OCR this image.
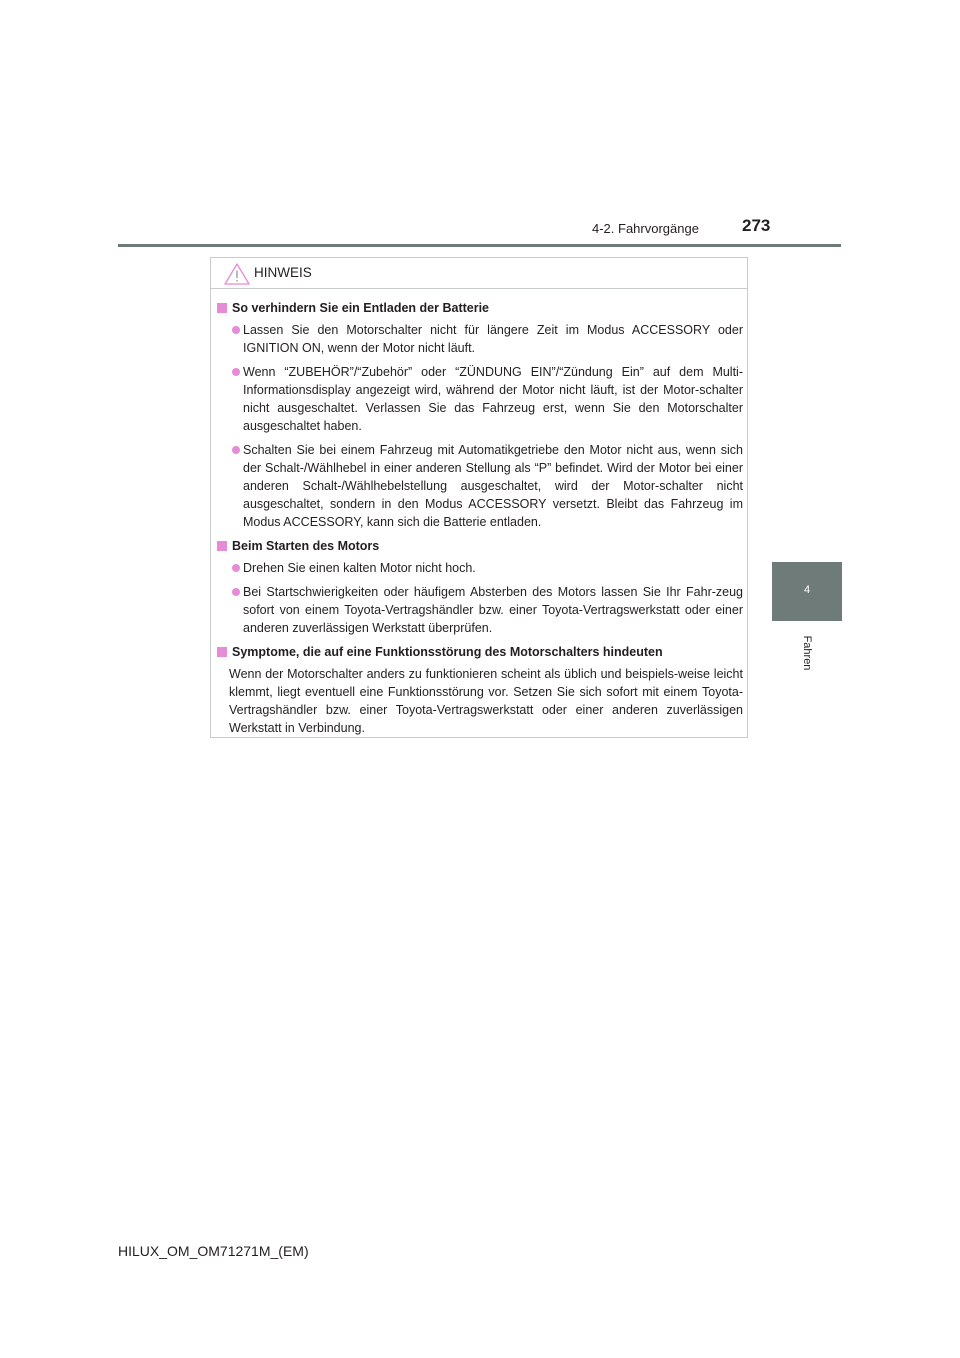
4-2. Fahrvorgänge	273
4
Fahren
HINWEIS
So verhindern Sie ein Entladen der Batterie
Lassen Sie den Motorschalter nicht für längere Zeit im Modus ACCESSORY oder IGNITION ON, wenn der Motor nicht läuft.
Wenn “ZUBEHÖR”/“Zubehör” oder “ZÜNDUNG EIN”/“Zündung Ein” auf dem Multi-Informationsdisplay angezeigt wird, während der Motor nicht läuft, ist der Motor-schalter nicht ausgeschaltet. Verlassen Sie das Fahrzeug erst, wenn Sie den Motorschalter ausgeschaltet haben.
Schalten Sie bei einem Fahrzeug mit Automatikgetriebe den Motor nicht aus, wenn sich der Schalt-/Wählhebel in einer anderen Stellung als “P” befindet. Wird der Motor bei einer anderen Schalt-/Wählhebelstellung ausgeschaltet, wird der Motor-schalter nicht ausgeschaltet, sondern in den Modus ACCESSORY versetzt. Bleibt das Fahrzeug im Modus ACCESSORY, kann sich die Batterie entladen.
Beim Starten des Motors
Drehen Sie einen kalten Motor nicht hoch.
Bei Startschwierigkeiten oder häufigem Absterben des Motors lassen Sie Ihr Fahr-zeug sofort von einem Toyota-Vertragshändler bzw. einer Toyota-Vertragswerkstatt oder einer anderen zuverlässigen Werkstatt überprüfen.
Symptome, die auf eine Funktionsstörung des Motorschalters hindeuten
Wenn der Motorschalter anders zu funktionieren scheint als üblich und beispiels-weise leicht klemmt, liegt eventuell eine Funktionsstörung vor. Setzen Sie sich sofort mit einem Toyota-Vertragshändler bzw. einer Toyota-Vertragswerkstatt oder einer anderen zuverlässigen Werkstatt in Verbindung.
HILUX_OM_OM71271M_(EM)
